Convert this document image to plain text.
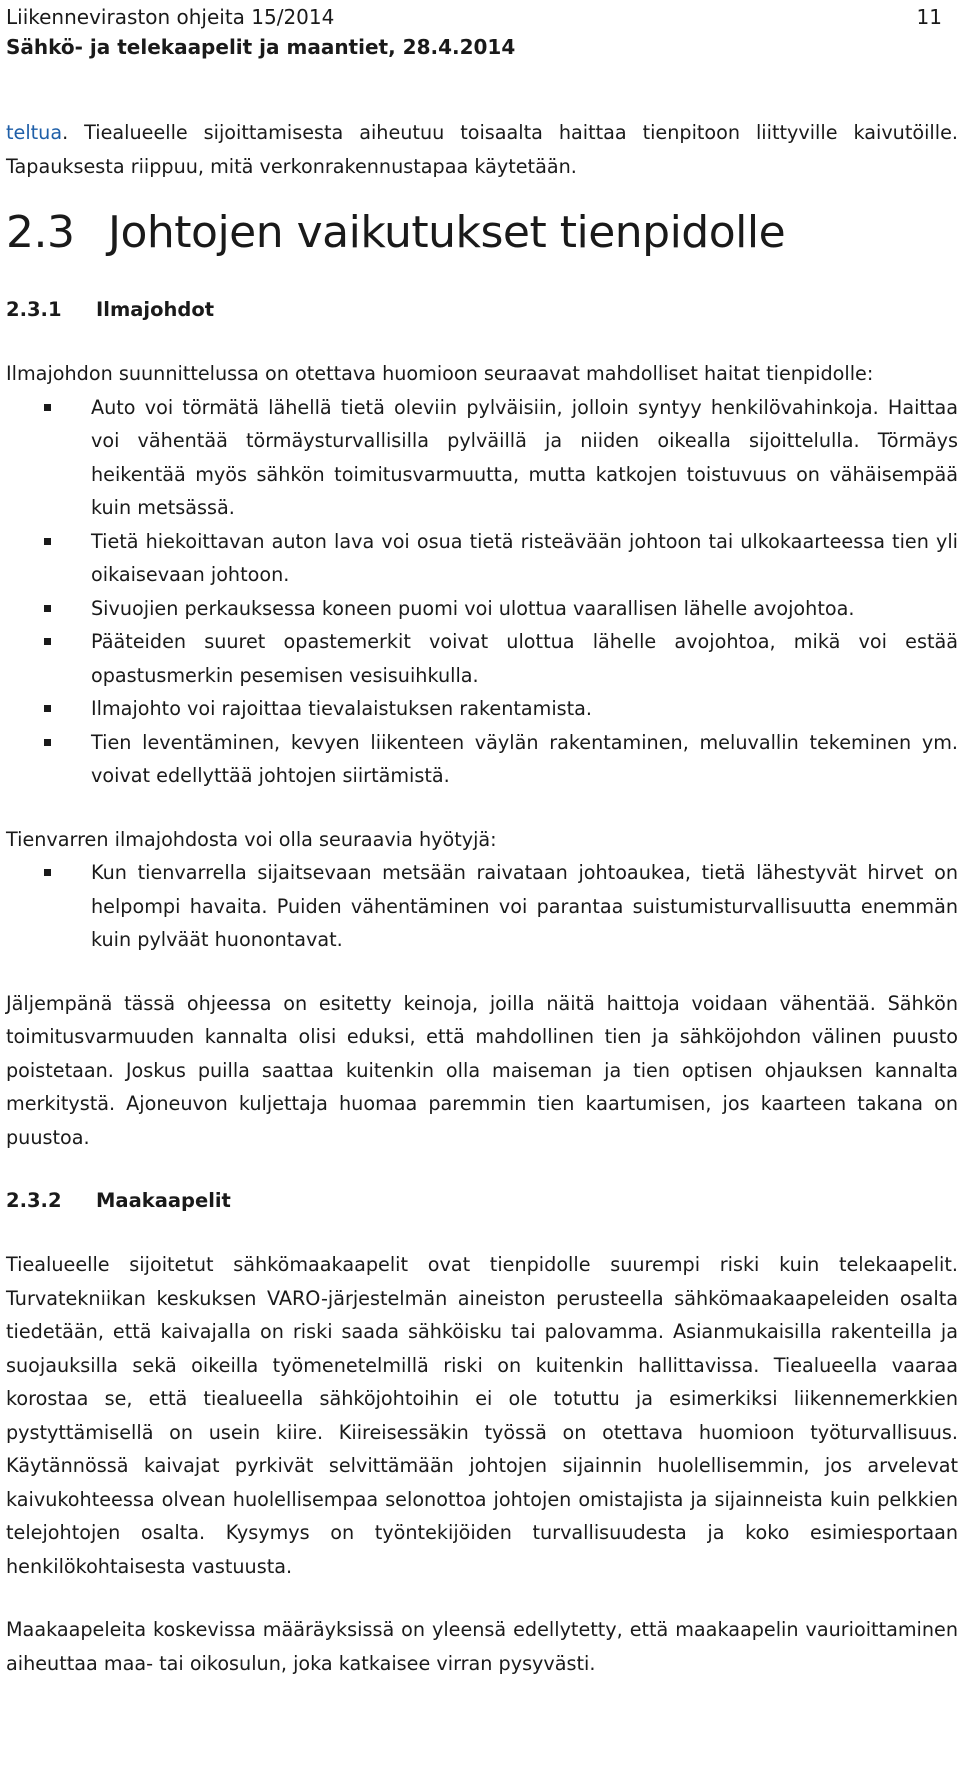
Liikenneviraston ohjeita 15/2014
Sähkö- ja telekaapelit ja maantiet, 28.4.2014
11

teltua. Tiealueelle sijoittamisesta aiheutuu toisaalta haittaa tienpitoon liittyville kaivutöille. Tapauksesta riippuu, mitä verkonrakennustapaa käytetään.

2.3 Johtojen vaikutukset tienpidolle
2.3.1 Ilmajohdot

Ilmajohdon suunnittelussa on otettava huomioon seuraavat mahdolliset haitat tienpidolle:

Auto voi törmätä lähellä tietä oleviin pylväisiin, jolloin syntyy henkilövahinkoja. Haittaa voi vähentää törmäysturvallisilla pylväillä ja niiden oikealla sijoittelulla. Törmäys heikentää myös sähkön toimitusvarmuutta, mutta katkojen toistuvuus on vähäisempää kuin metsässä.
Tietä hiekoittavan auton lava voi osua tietä risteävään johtoon tai ulkokaarteessa tien yli oikaisevaan johtoon.
Sivuojien perkauksessa koneen puomi voi ulottua vaarallisen lähelle avojohtoa.
Pääteiden suuret opastemerkit voivat ulottua lähelle avojohtoa, mikä voi estää opastusmerkin pesemisen vesisuihkulla.
Ilmajohto voi rajoittaa tievalaistuksen rakentamista.
Tien leventäminen, kevyen liikenteen väylän rakentaminen, meluvallin tekeminen ym. voivat edellyttää johtojen siirtämistä.

Tienvarren ilmajohdosta voi olla seuraavia hyötyjä:

Kun tienvarrella sijaitsevaan metsään raivataan johtoaukea, tietä lähestyvät hirvet on helpompi havaita. Puiden vähentäminen voi parantaa suistumisturvallisuutta enemmän kuin pylväät huonontavat.

Jäljempänä tässä ohjeessa on esitetty keinoja, joilla näitä haittoja voidaan vähentää. Sähkön toimitusvarmuuden kannalta olisi eduksi, että mahdollinen tien ja sähköjohdon välinen puusto poistetaan. Joskus puilla saattaa kuitenkin olla maiseman ja tien optisen ohjauksen kannalta merkitystä. Ajoneuvon kuljettaja huomaa paremmin tien kaartumisen, jos kaarteen takana on puustoa.

2.3.2 Maakaapelit

Tiealueelle sijoitetut sähkömaakaapelit ovat tienpidolle suurempi riski kuin telekaapelit. Turvatekniikan keskuksen VARO-järjestelmän aineiston perusteella sähkömaakaapeleiden osalta tiedetään, että kaivajalla on riski saada sähköisku tai palovamma. Asianmukaisilla rakenteilla ja suojauksilla sekä oikeilla työmenetelmillä riski on kuitenkin hallittavissa. Tiealueella vaaraa korostaa se, että tiealueella sähköjohtoihin ei ole totuttu ja esimerkiksi liikennemerkkien pystyttämisellä on usein kiire. Kiireisessäkin työssä on otettava huomioon työturvallisuus. Käytännössä kaivajat pyrkivät selvittämään johtojen sijainnin huolellisemmin, jos arvelevat kaivukohteessa olvean huolellisempaa selonottoa johtojen omistajista ja sijainneista kuin pelkkien telejohtojen osalta. Kysymys on työntekijöiden turvallisuudesta ja koko esimiesportaan henkilökohtaisesta vastuusta.

Maakaapeleita koskevissa määräyksissä on yleensä edellytetty, että maakaapelin vaurioittaminen aiheuttaa maa- tai oikosulun, joka katkaisee virran pysyvästi.
